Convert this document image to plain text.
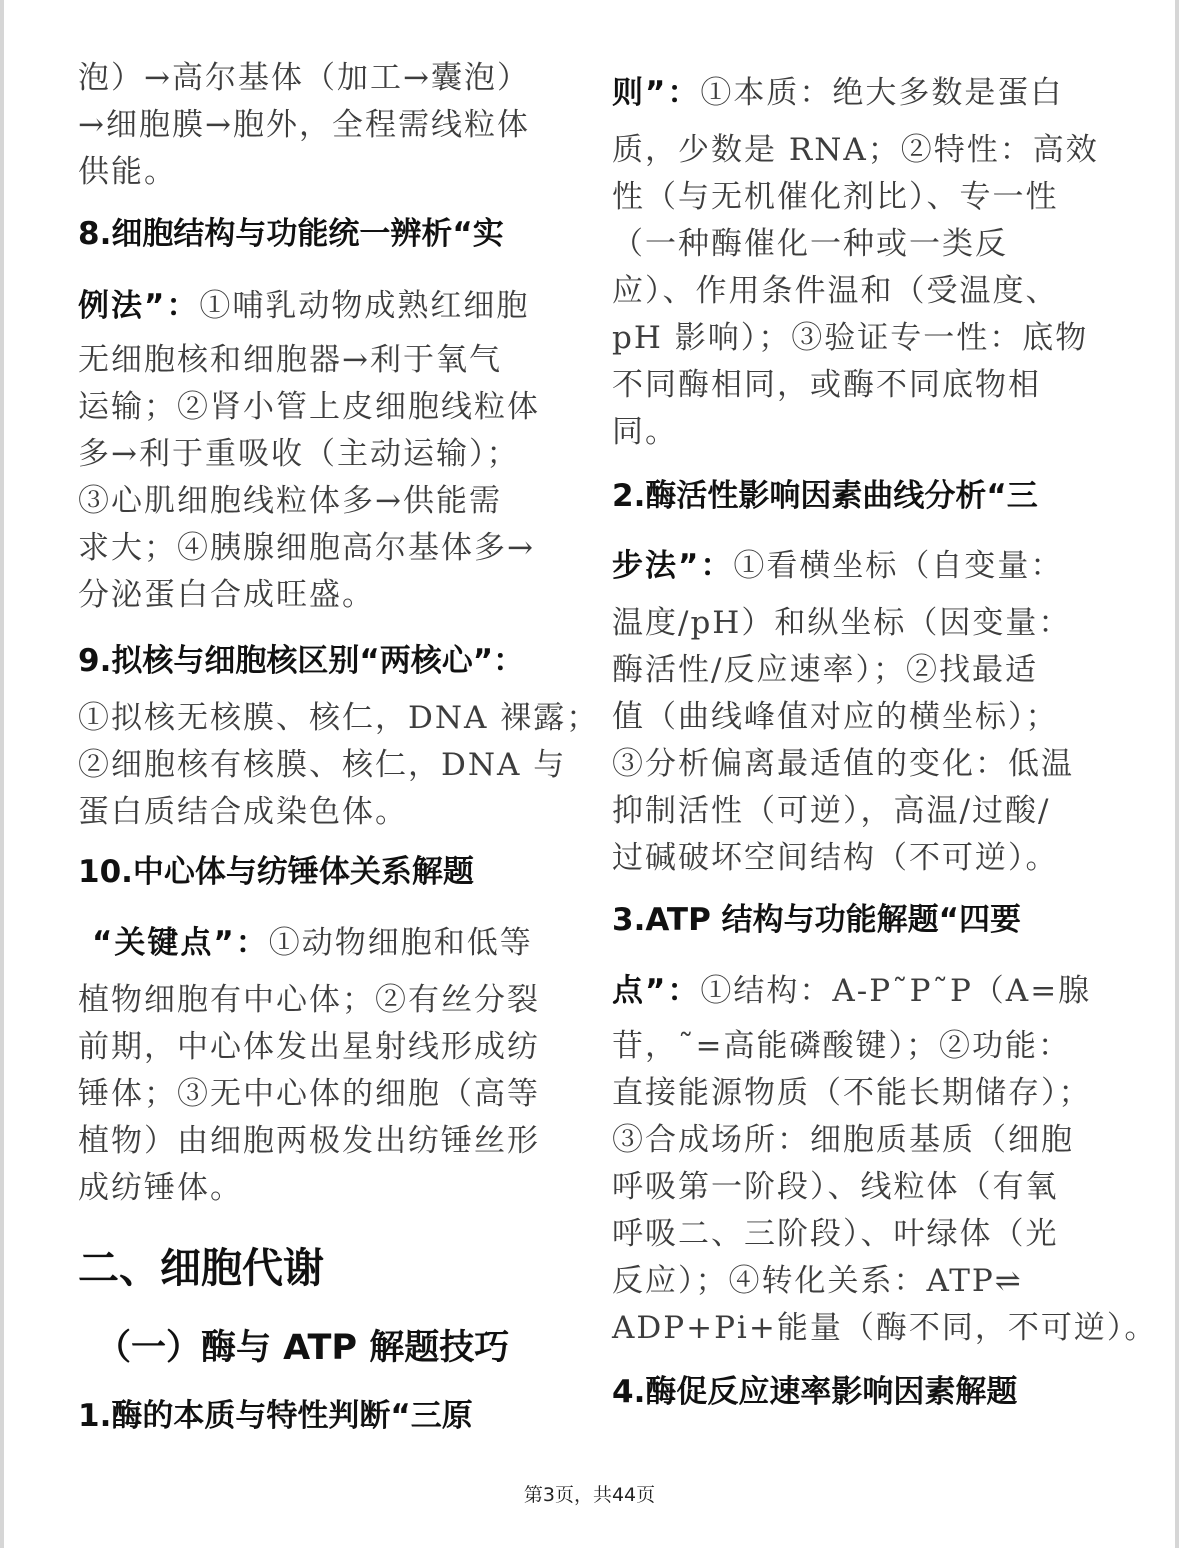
泡）→高尔基体（加工→囊泡）
→细胞膜→胞外，全程需线粒体
供能。
8.细胞结构与功能统一辨析“实
例法”：①哺乳动物成熟红细胞
无细胞核和细胞器→利于氧气
运输；②肾小管上皮细胞线粒体
多→利于重吸收（主动运输）；
③心肌细胞线粒体多→供能需
求大；④胰腺细胞高尔基体多→
分泌蛋白合成旺盛。
9.拟核与细胞核区别“两核心”：
①拟核无核膜、核仁，DNA 裸露；
②细胞核有核膜、核仁，DNA 与
蛋白质结合成染色体。
10.中心体与纺锤体关系解题
“关键点”：①动物细胞和低等
植物细胞有中心体；②有丝分裂
前期，中心体发出星射线形成纺
锤体；③无中心体的细胞（高等
植物）由细胞两极发出纺锤丝形
成纺锤体。
二、细胞代谢
（一）酶与 ATP 解题技巧
1.酶的本质与特性判断“三原
则”：①本质：绝大多数是蛋白
质，少数是 RNA；②特性：高效
性（与无机催化剂比）、专一性
（一种酶催化一种或一类反
应）、作用条件温和（受温度、
pH 影响）；③验证专一性：底物
不同酶相同，或酶不同底物相
同。
2.酶活性影响因素曲线分析“三
步法”：①看横坐标（自变量：
温度/pH）和纵坐标（因变量：
酶活性/反应速率）；②找最适
值（曲线峰值对应的横坐标）；
③分析偏离最适值的变化：低温
抑制活性（可逆），高温/过酸/
过碱破坏空间结构（不可逆）。
3.ATP 结构与功能解题“四要
点”：①结构：A-P˜P˜P（A=腺
苷，˜=高能磷酸键）；②功能：
直接能源物质（不能长期储存）；
③合成场所：细胞质基质（细胞
呼吸第一阶段）、线粒体（有氧
呼吸二、三阶段）、叶绿体（光
反应）；④转化关系：ATP⇌
ADP+Pi+能量（酶不同，不可逆）。
4.酶促反应速率影响因素解题
第3页，共44页
